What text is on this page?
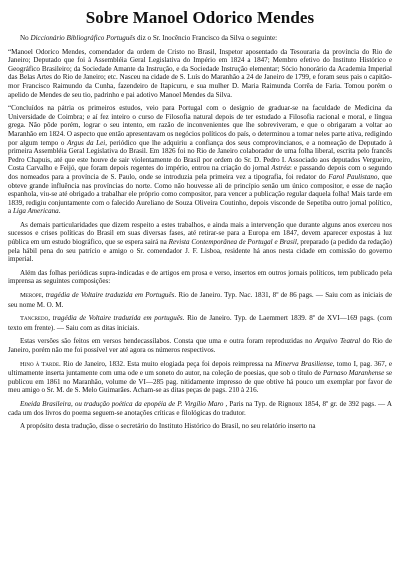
Sobre Manoel Odorico Mendes

No Diccionário Bibliográfico Português diz o Sr. Inocêncio Francisco da Silva o seguinte:

“Manoel Odorico Mendes, comendador da ordem de Cristo no Brasil, Inspetor aposentado da Tesouraria da província do Rio de Janeiro; Deputado que foi à Assembléia Geral Legislativa do Império em 1824 a 1847; Membro efetivo do Instituto Histórico e Geográfico Brasileiro; da Sociedade Amante da Instrução, e da Sociedade Instrução elementar; Sócio honorário da Academia Imperial das Belas Artes do Rio de Janeiro; etc. Nasceu na cidade de S. Luís do Maranhão a 24 de Janeiro de 1799, e foram seus pais o capitão-mor Francisco Raimundo da Cunha, fazendeiro de Itapicuru, e sua mulher D. Maria Raimunda Corrêa de Faria. Tomou porém o apelido de Mendes de seu tio, padrinho e pai adotivo Manoel Mendes da Silva.

“Concluídos na pátria os primeiros estudos, veio para Portugal com o desígnio de graduar-se na faculdade de Medicina da Universidade de Coimbra; e aí fez inteiro o curso de Filosofia natural depois de ter estudado a Filosofia racional e moral, e língua grega. Não pôde porém, lograr o seu intento, em razão de inconvenientes que lhe sobreviveram, e que o obrigaram a voltar ao Maranhão em 1824. O aspecto que então apresentavam os negócios políticos do país, o determinou a tomar neles parte ativa, redigindo por algum tempo o Argus da Lei, periódico que lhe adquiriu a confiança dos seus comprovincianos, e a nomeação de Deputado à primeira Assembléia Geral Legislativa do Brasil. Em 1826 foi no Rio de Janeiro colaborador de uma folha liberal, escrita pelo francês Pedro Chapuis, até que este houve de sair violentamente do Brasil por ordem do Sr. D. Pedro I. Associado aos deputados Vergueiro, Costa Carvalho e Feijó, que foram depois regentes do império, entrou na criação do jornal Astréa: e passando depois com o segundo dos nomeados para a província de S. Paulo, onde se introduzia pela primeira vez a tipografia, foi redator do Farol Paulistano, que obteve grande influência nas províncias do norte. Como não houvesse ali de princípio senão um único compositor, e esse de nação espanhola, viu-se até obrigado a trabalhar ele próprio como compositor, para vencer a publicação regular daquela folha! Mais tarde em 1839, redigiu conjuntamente com o falecido Aureliano de Souza Oliveira Coutinho, depois visconde de Sepetiba outro jornal político, a Liga Americana.

As demais particularidades que dizem respeito a estes trabalhos, e ainda mais a intervenção que durante alguns anos exerceu nos sucessos e crises políticas do Brasil em suas diversas fases, até retirar-se para a Europa em 1847, devem aparecer expostas à luz pública em um estudo biográfico, que se espera sairá na Revista Contemporânea de Portugal e Brasil, preparado (a pedido da redação) pela hábil pena do seu patrício e amigo o Sr. comendador J. F. Lisboa, residente há anos nesta cidade em comissão do governo imperial.

Além das folhas periódicas supra-indicadas e de artigos em prosa e verso, insertos em outros jornais políticos, tem publicado pela imprensa as seguintes composições:

Merope, tragédia de Voltaire traduzida em Português. Rio de Janeiro. Typ. Nac. 1831, 8º de 86 pags. — Saiu com as iniciais de seu nome M. O. M.

Tancredo, tragédia de Voltaire traduzida em português. Rio de Janeiro. Typ. de Laemmert 1839. 8º de XVI—169 pags. (com texto em frente). — Saiu com as ditas iniciais.

Estas versões são feitos em versos hendecassílabos. Consta que uma e outra foram reproduzidas no Arquivo Teatral do Rio de Janeiro, porém não me foi possível ver até agora os números respectivos.

Hino à Tarde. Rio de Janeiro, 1832. Esta muito elogiada peça foi depois reimpressa na Minerva Brasiliense, tomo I, pag. 367, e ultimamente inserta juntamente com uma ode e um soneto do autor, na coleção de poesias, que sob o título de Parnaso Maranhense se publicou em 1861 no Maranhão, volume de VI—285 pag. nitidamente impresso de que obtive há pouco um exemplar por favor de meu amigo o Sr. M. de S. Melo Guimarães. Acham-se as ditas peças de pags. 210 à 216.

Eneida Brasileira, ou tradução poética da epopéia de P. Virgílio Maro , Paris na Typ. de Rignoux 1854, 8º gr. de 392 pags. — A cada um dos livros do poema seguem-se anotações críticas e filológicas do tradutor.

A propósito desta tradução, disse o secretário do Instituto Histórico do Brasil, no seu relatório inserto na
